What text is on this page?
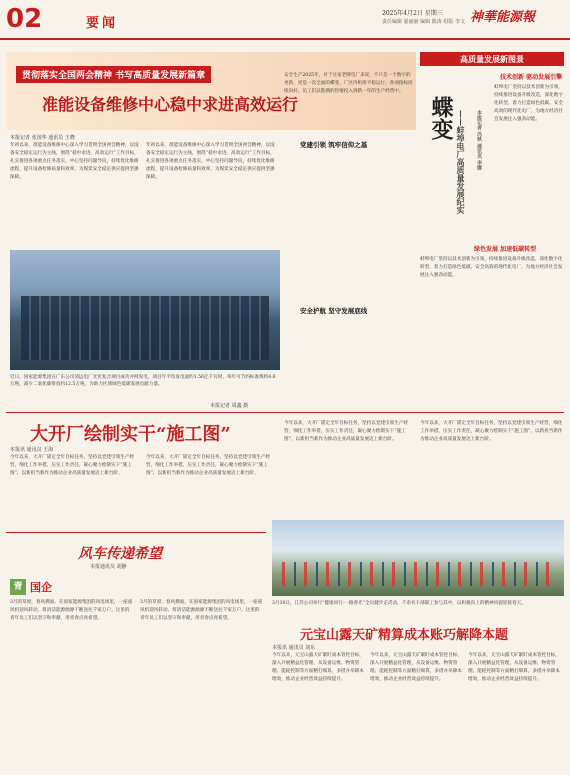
02	要闻
2025年4月2日 星期三
责任编辑 晏丽丽 编辑 陈涛 组版 李文 神華能源報
贯彻落实全国两会精神 书写高质量发展新篇章
准能设备维修中心稳中求进高效运行
本报记者 张国华 通讯员 王晓
年初以来，准能设备维修中心深入学习贯彻全国两会精神，以设备安全稳定运行为主线，围绕“稳中求进、高效运行”工作目标，扎实推进各项重点任务落实。中心坚持问题导向，持续优化维修流程，提升设备检修质量和效率，为煤炭安全稳定供应提供坚强保障。
年初以来，准能设备维修中心深入学习贯彻全国两会精神，以设备安全稳定运行为主线，围绕“稳中求进、高效运行”工作目标，扎实推进各项重点任务落实。中心坚持问题导向，持续优化维修流程，提升设备检修质量和效率，为煤炭安全稳定供应提供坚强保障。
近日，国家能源集团在广东公司清远电厂光伏复合项目成功并网发电，项目年平均发电量约1.56亿千瓦时，每年可节约标准煤约4.6万吨，减少二氧化碳排放约12.5万吨，为助力区域绿色低碳发展贡献力量。
本报记者 周鑫 摄
安全生产2025年，对于这家老牌电厂来说，不只是一个数字的更新，更是一次全面的蝶变。厂区内机组平稳运行，各项指标持续向好，员工们以饱满的热情投入到新一年的生产经营中。
党建引领 筑牢信仰之基
安全护航 坚守发展底线
高质量发展新图景
蝶变 ——蚌埠电厂高质量发展纪实 本报记者 冯秋 通讯员 李娜
技术创新 驱动发展引擎
蚌埠电厂坚持以技术创新为引领，持续推进设备升级改造，深化数字化转型，着力打造绿色低碳、安全高效的现代化电厂，为地方经济社会发展注入强劲动能。
绿色发展 加速低碳转型
蚌埠电厂坚持以技术创新为引领，持续推进设备升级改造，深化数字化转型，着力打造绿色低碳、安全高效的现代化电厂，为地方经济社会发展注入强劲动能。
大开厂绘制实干“施工图”
本报讯 通讯员 王海
今年以来，大开厂锚定全年目标任务，坚持以党建引领生产经营，细化工作举措，压实工作责任，凝心聚力绘制实干“施工图”，以新担当新作为推动企业高质量发展迈上新台阶。
今年以来，大开厂锚定全年目标任务，坚持以党建引领生产经营，细化工作举措，压实工作责任，凝心聚力绘制实干“施工图”，以新担当新作为推动企业高质量发展迈上新台阶。
今年以来，大开厂锚定全年目标任务，坚持以党建引领生产经营，细化工作举措，压实工作责任，凝心聚力绘制实干“施工图”，以新担当新作为推动企业高质量发展迈上新台阶。
今年以来，大开厂锚定全年目标任务，坚持以党建引领生产经营，细化工作举措，压实工作责任，凝心聚力绘制实干“施工图”，以新担当新作为推动企业高质量发展迈上新台阶。
风车传递希望
本报通讯员 胡静
青 国企
3月的草原，春风拂面。在国家能源集团的风电场里，一座座风机迎风转动，将清洁能源源源不断送往千家万户。这里的青年员工们以坚守和奉献，用青春点亮希望。
3月的草原，春风拂面。在国家能源集团的风电场里，一座座风机迎风转动，将清洁能源源源不断送往千家万户。这里的青年员工们以坚守和奉献，用青春点亮希望。
3月30日，江苏公司举行“健康同行·一路春光”全员健步走活动，千余名干部职工参与其中，以积极向上的精神风貌迎接春天。
元宝山露天矿精算成本账巧解降本题
本报讯 通讯员 刘东
今年以来，元宝山露天矿紧盯成本管控目标，深入开展精益化管理，从设备运维、物资管理、能耗控制等方面精打细算，多措并举降本增效，推动企业经营效益持续提升。
今年以来，元宝山露天矿紧盯成本管控目标，深入开展精益化管理，从设备运维、物资管理、能耗控制等方面精打细算，多措并举降本增效，推动企业经营效益持续提升。
今年以来，元宝山露天矿紧盯成本管控目标，深入开展精益化管理，从设备运维、物资管理、能耗控制等方面精打细算，多措并举降本增效，推动企业经营效益持续提升。
